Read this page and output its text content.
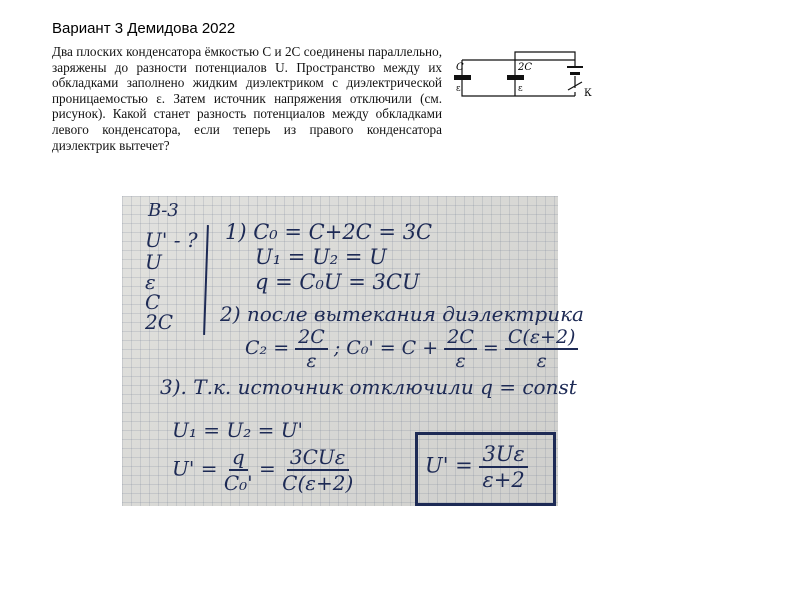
Вариант 3 Демидова 2022
Два плоских конденсатора ёмкостью C и 2C соединены параллельно, заряжены до разности потенциалов U. Пространство между их обкладками заполнено жидким диэлектриком с диэлектрической проницаемостью ε. Затем источник напряжения отключили (см. рисунок). Какой станет разность потенциалов между обкладками левого конденсатора, если теперь из правого конденсатора диэлектрик вытечет?
C	2C
ε	ε	К
В-3
U' - ?
U
ε
C
2C
1) C₀ = C+2C = 3C
U₁ = U₂ = U
q = C₀U = 3CU
2) после вытекания диэлектрика
$C_2 = \frac{2C}{\varepsilon}$ ; $C_0' = C + \frac{2C}{\varepsilon} = \frac{C(\varepsilon+2)}{\varepsilon}$
3). Т.к. источник отключили q = const
U₁ = U₂ = U'
$U' = \frac{q}{\text{C₀'}} = \frac{\text{3CUε}}{C(\varepsilon+2)}$	$U' = \frac{3U\varepsilon}{\varepsilon+2}$
